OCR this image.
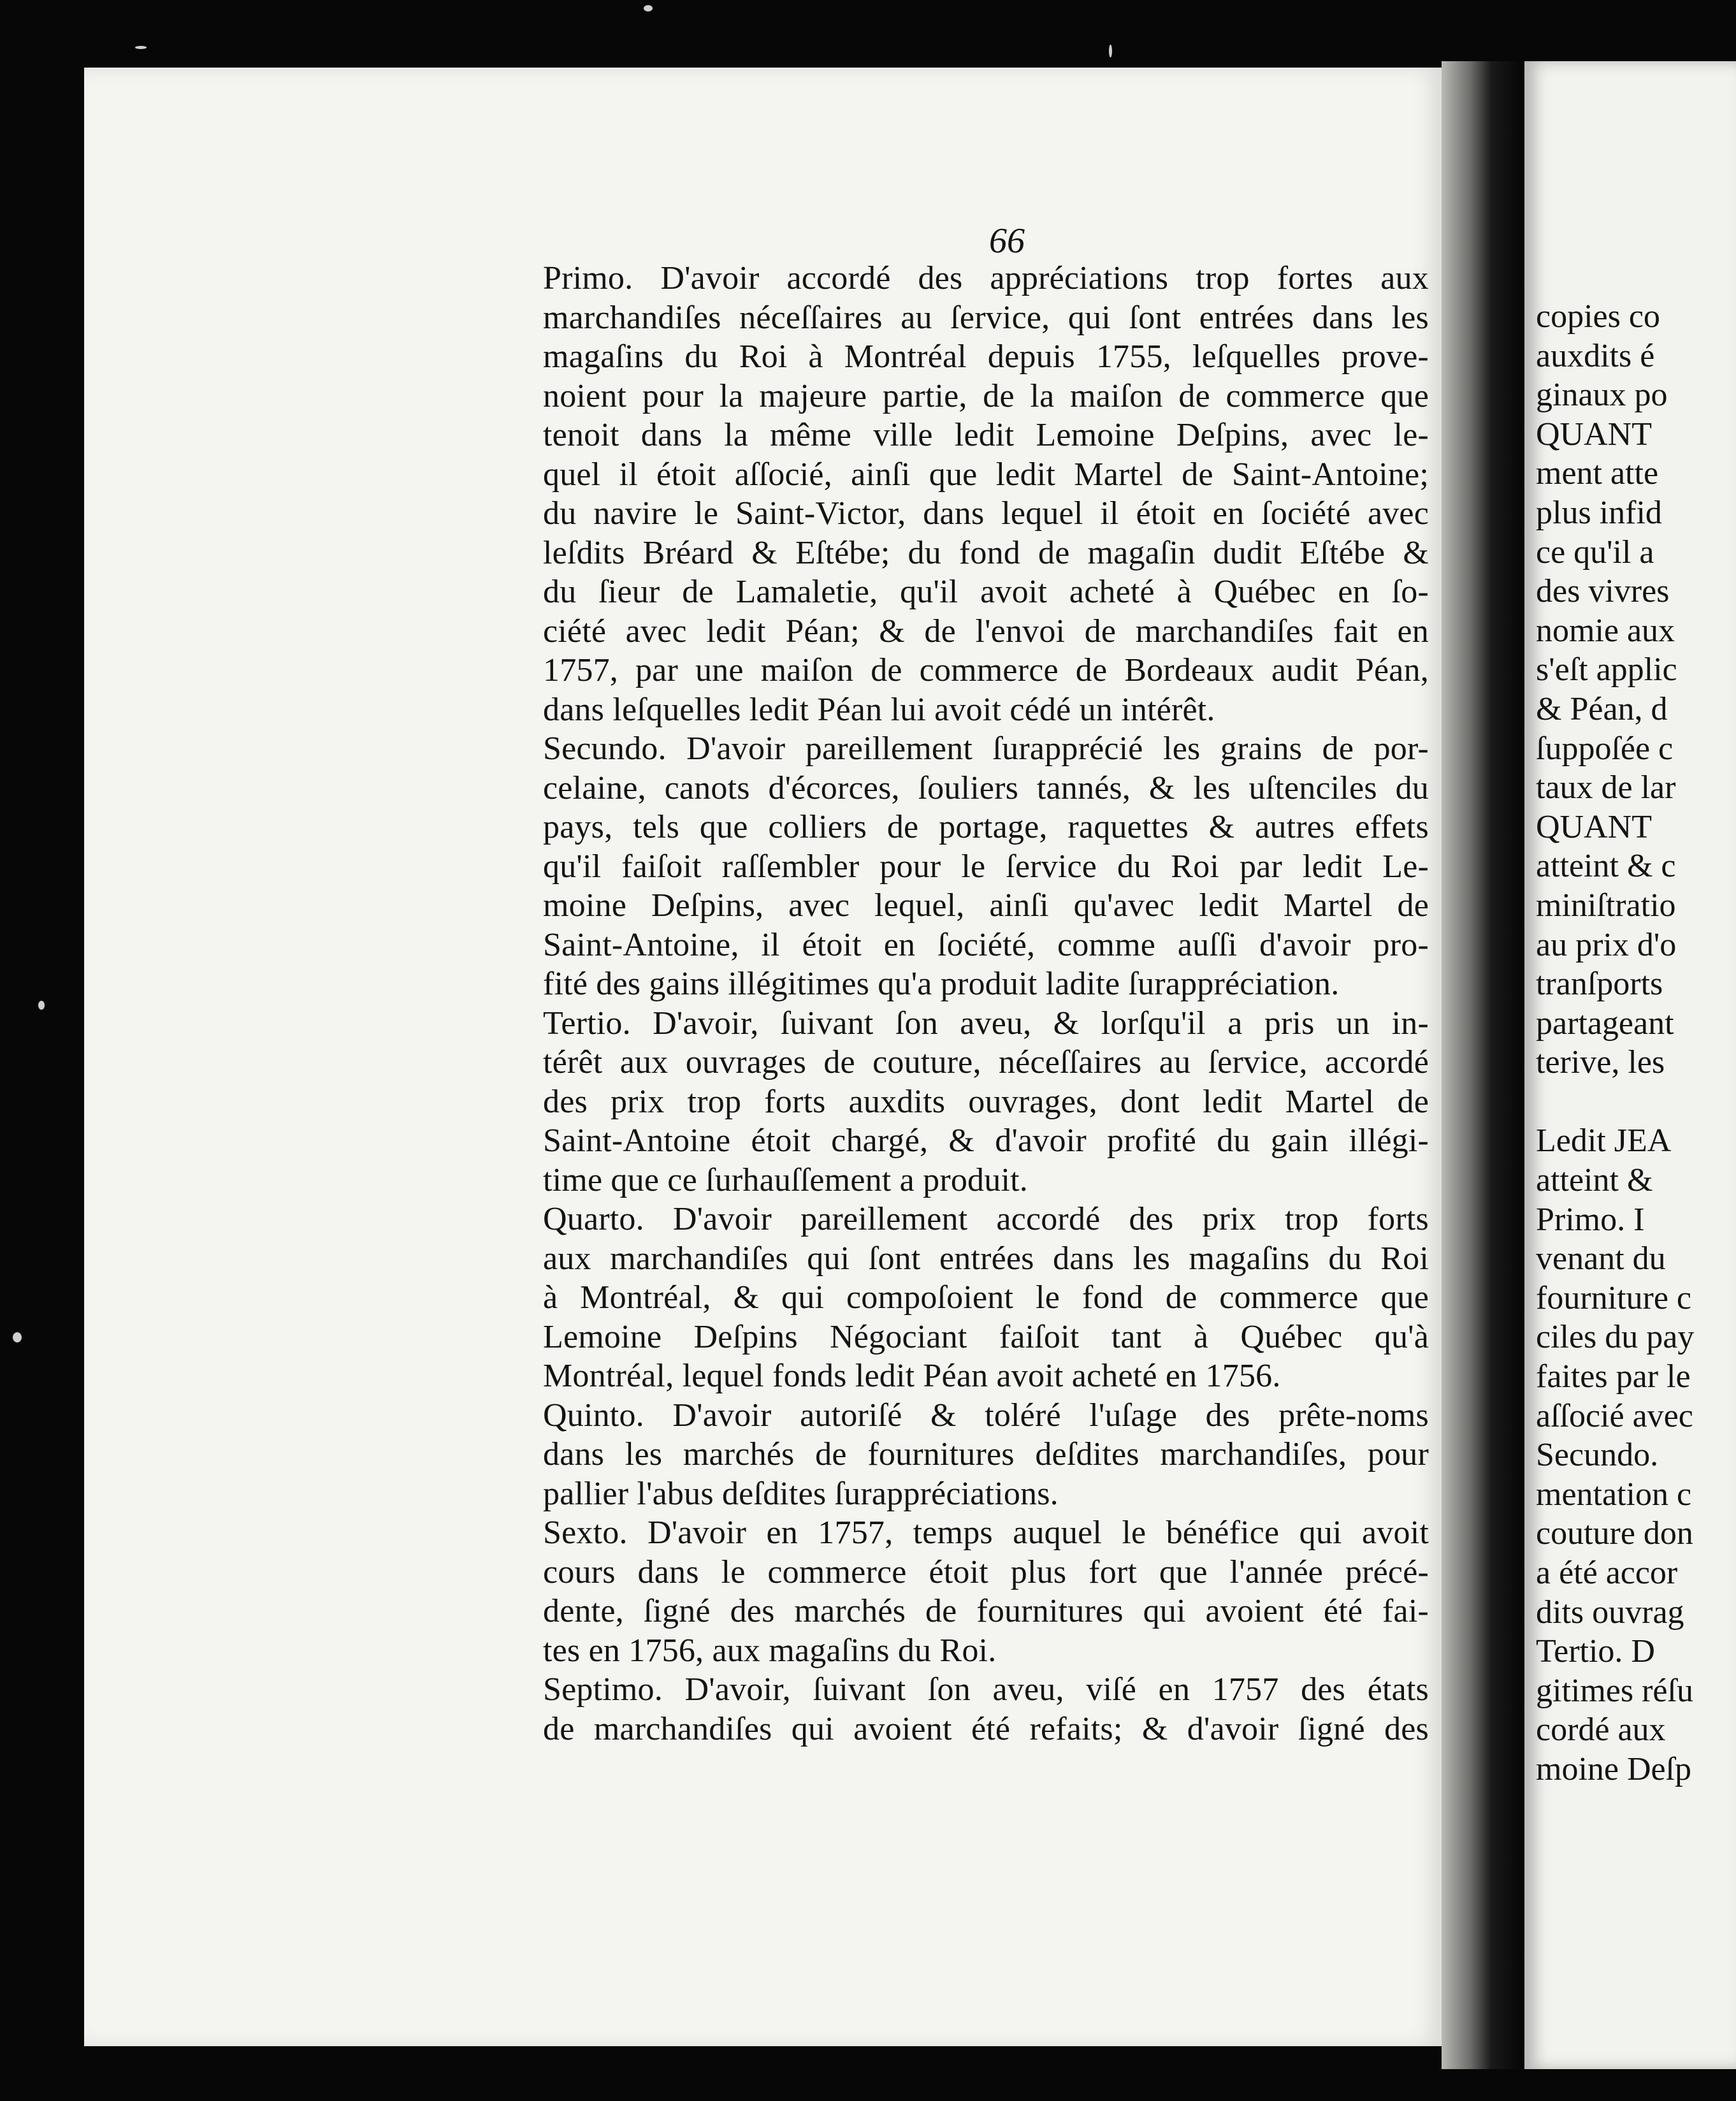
66
Primo. D'avoir accordé des appréciations trop fortes aux
marchandiſes néceſſaires au ſervice, qui ſont entrées dans les
magaſins du Roi à Montréal depuis 1755, leſquelles prove-
noient pour la majeure partie, de la maiſon de commerce que
tenoit dans la même ville ledit Lemoine Deſpins, avec le-
quel il étoit aſſocié, ainſi que ledit Martel de Saint-Antoine;
du navire le Saint-Victor, dans lequel il étoit en ſociété avec
leſdits Bréard & Eſtébe; du fond de magaſin dudit Eſtébe &
du ſieur de Lamaletie, qu'il avoit acheté à Québec en ſo-
ciété avec ledit Péan; & de l'envoi de marchandiſes fait en
1757, par une maiſon de commerce de Bordeaux audit Péan,
dans leſquelles ledit Péan lui avoit cédé un intérêt.
Secundo. D'avoir pareillement ſurapprécié les grains de por-
celaine, canots d'écorces, ſouliers tannés, & les uſtenciles du
pays, tels que colliers de portage, raquettes & autres effets
qu'il faiſoit raſſembler pour le ſervice du Roi par ledit Le-
moine Deſpins, avec lequel, ainſi qu'avec ledit Martel de
Saint-Antoine, il étoit en ſociété, comme auſſi d'avoir pro-
fité des gains illégitimes qu'a produit ladite ſurappréciation.
Tertio. D'avoir, ſuivant ſon aveu, & lorſqu'il a pris un in-
térêt aux ouvrages de couture, néceſſaires au ſervice, accordé
des prix trop forts auxdits ouvrages, dont ledit Martel de
Saint-Antoine étoit chargé, & d'avoir profité du gain illégi-
time que ce ſurhauſſement a produit.
Quarto. D'avoir pareillement accordé des prix trop forts
aux marchandiſes qui ſont entrées dans les magaſins du Roi
à Montréal, & qui compoſoient le fond de commerce que
Lemoine Deſpins Négociant faiſoit tant à Québec qu'à
Montréal, lequel fonds ledit Péan avoit acheté en 1756.
Quinto. D'avoir autoriſé & toléré l'uſage des prête-noms
dans les marchés de fournitures deſdites marchandiſes, pour
pallier l'abus deſdites ſurappréciations.
Sexto. D'avoir en 1757, temps auquel le bénéfice qui avoit
cours dans le commerce étoit plus fort que l'année précé-
dente, ſigné des marchés de fournitures qui avoient été fai-
tes en 1756, aux magaſins du Roi.
Septimo. D'avoir, ſuivant ſon aveu, viſé en 1757 des états
de marchandiſes qui avoient été refaits; & d'avoir ſigné des
copies co
auxdits é
ginaux po
QUANT
ment atte
plus infid
ce qu'il a
des vivres
nomie aux
s'eſt applic
& Péan, d
ſuppoſée c
taux de lar
QUANT
atteint & c
miniſtratio
au prix d'o
tranſports
partageant
terive, les
Ledit JEA
atteint &
Primo. I
venant du
fourniture c
ciles du pay
faites par le
aſſocié avec
Secundo.
mentation c
couture don
a été accor
dits ouvrag
Tertio. D
gitimes réſu
cordé aux
moine Deſp
